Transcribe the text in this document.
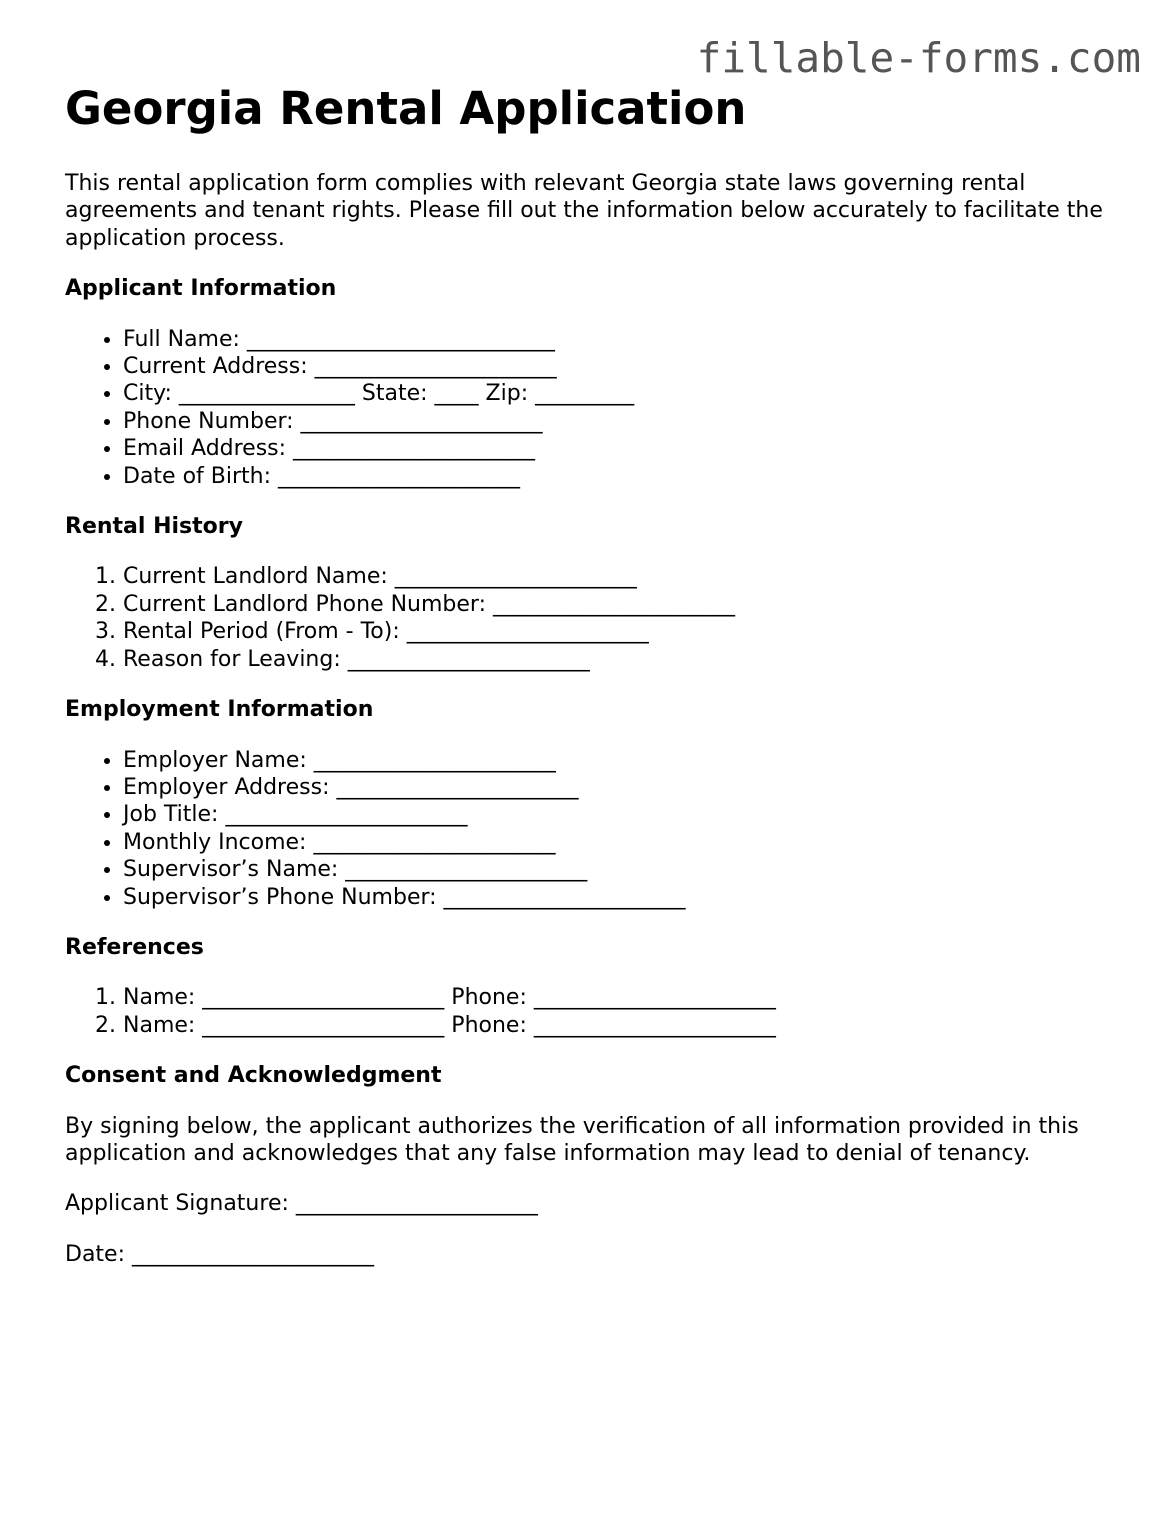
fillable-forms.com
Georgia Rental Application

This rental application form complies with relevant Georgia state laws governing rental agreements and tenant rights. Please fill out the information below accurately to facilitate the application process.

Applicant Information
• Full Name: ____________________________
• Current Address: ______________________
• City: ________________ State: ____ Zip: _________
• Phone Number: ______________________
• Email Address: ______________________
• Date of Birth: ______________________
Rental History
1. Current Landlord Name: ______________________
2. Current Landlord Phone Number: ______________________
3. Rental Period (From - To): ______________________
4. Reason for Leaving: ______________________
Employment Information
• Employer Name: ______________________
• Employer Address: ______________________
• Job Title: ______________________
• Monthly Income: ______________________
• Supervisor’s Name: ______________________
• Supervisor’s Phone Number: ______________________
References
1. Name: ______________________ Phone: ______________________
2. Name: ______________________ Phone: ______________________
Consent and Acknowledgment

By signing below, the applicant authorizes the verification of all information provided in this application and acknowledges that any false information may lead to denial of tenancy.

Applicant Signature: ______________________

Date: ______________________
